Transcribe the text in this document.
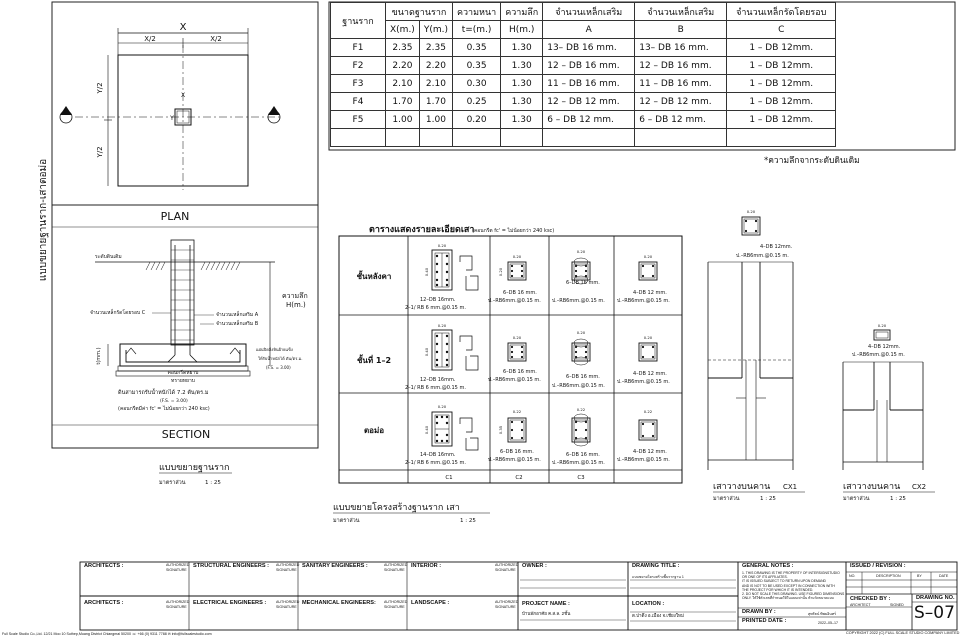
แบบขยายฐานราก-เสาตอม่อ
X
X/2	X/2
Y/2
Y/2
X
Y
PLAN
ระดับดินเดิม
ความลึก
H(m.)
จำนวนเหล็กรัดโดยรอบ C	จำนวนเหล็กเสริม A
จำนวนเหล็กเสริม B
t(mm.)
คอนกรีตหยาบ
ทรายหยาบ
แผ่นปิดลิ่งหินฝ้ายแข็ง
ให้รับน้ำหนักได้ ตัน/ตร.ม.
(F.S. = 3.00)
ดินสามารถรับน้ำหนักได้ 7.2 ตัน/ตร.ม
(F.S. = 3.00)
(คอนกรีตมีค่า fc' = ไม่น้อยกว่า 240 ksc)
SECTION
แบบขยายฐานราก
มาตราส่วน	1 : 25
ตารางแสดงรายละเอียดเสา
(คอนกรีต fc' = ไม่น้อยกว่า 240 ksc)
ชั้นหลังคา
ชั้นที่ 1–2
ตอม่อ
C1	C2	C3
0.20
0.40
12–DB 16mm.
2–1/ RB 6 mm.@0.15 m.
0.20
0.20
6–DB 16 mm.
ป.–RB6mm.@0.15 m.
0.20
6–DB 16 mm.
ป.–RB6mm.@0.15 m.
0.20
4–DB 12 mm.
ป.–RB6mm.@0.15 m.
0.20
0.40
12–DB 16mm.
2–1/ RB 6 mm.@0.15 m.
0.20
6–DB 16 mm.
ป.–RB6mm.@0.15 m.
0.20
6–DB 16 mm.
ป.–RB6mm.@0.15 m.
0.20
4–DB 12 mm.
ป.–RB6mm.@0.15 m.
0.20
0.40
14–DB 16mm.
2–1/ RB 6 mm.@0.15 m.
0.22
0.35
6–DB 16 mm.
ป.–RB6mm.@0.15 m.
0.22
6–DB 16 mm.
ป.–RB6mm.@0.15 m.
0.22
4–DB 12 mm.
ป.–RB6mm.@0.15 m.
แบบขยายโครงสร้างฐานราก เสา
มาตราส่วน	1 : 25
0.20
4–DB 12mm.
ป.–RB6mm.@0.15 m.
เสาวางบนคาน CX1
มาตราส่วน	1 : 25
0.20
4–DB 12mm.
ป.–RB6mm.@0.15 m.
เสาวางบนคาน CX2
มาตราส่วน	1 : 25
ฐานราก	ขนาดฐานราก		ความหนา	ความลึก	จำนวนเหล็กเสริม	จำนวนเหล็กเสริม	จำนวนเหล็กรัดโดยรอบ
	X(m.)	Y(m.)	t=(m.)	H(m.)	A	B	C
F1	2.35	2.35	0.35	1.30	13– DB 16 mm.	13– DB 16 mm.	1 – DB 12mm.
F2	2.20	2.20	0.35	1.30	12 – DB 16 mm.	12 – DB 16 mm.	1 – DB 12mm.
F3	2.10	2.10	0.30	1.30	11 – DB 16 mm.	11 – DB 16 mm.	1 – DB 12mm.
F4	1.70	1.70	0.25	1.30	12 – DB 12 mm.	12 – DB 12 mm.	1 – DB 12mm.
F5	1.00	1.00	0.20	1.30	6 – DB 12 mm.	6 – DB 12 mm.	1 – DB 12mm.

*ความลึกจากระดับดินเดิม
ARCHITECTS :	AUTHORIZED SIGNATURE
STRUCTURAL ENGINEERS : AUTHORIZED SIGNATURE
SANITARY ENGINEERS :	AUTHORIZED SIGNATURE
INTERIOR :	AUTHORIZED SIGNATURE
OWNER :	DRAWING TITLE :
แบบขยายโครงสร้างพื้นรากฐาน 1
GENERAL NOTES :
1. THIS DRAWING IS THE PROPERTY OF INTERSIGNSTUDIO
OR ONE OF ITS AFFILIATES.
IT IS ISSUED SUBJECT TO RETURN UPON DEMAND
AND IS NOT TO BE USED EXCEPT IN CONNECTION WITH
THE PROJECT FOR WHICH IT IS INTENDED.
2. DO NOT SCALE THIS DRAWING. USE FIGURED DIMENSIONS
ONLY. ให้ใช้ตัวเลขที่กำหนดให้ในแบบเท่านั้น ห้ามวัดขนาดแบบ
ISSUED / REVISION :
NO.	DESCRIPTION	BY	DATE
ARCHITECTS :	AUTHORIZED SIGNATURE
ELECTRICAL ENGINEERS :	AUTHORIZED SIGNATURE
MECHANICAL ENGINEERS: AUTHORIZED SIGNATURE
LANDSCAPE :	AUTHORIZED SIGNATURE PROJECT NAME :
บ้านพักอาศัย ค.ส.ล. 2ชั้น
LOCATION :
ต.ป่าตึง อ.เมือง จ.เชียงใหม่
DRAWN BY :	สุพรัตน์ ทิพยอินทร์
PRINTED DATE :	2022–05–17
CHECKED BY :
ARCHITECT	SIGNED
DRAWING NO.
S–07
COPYRIGHT 2022 (C) FULL SCALE STUDIO COMPANY LIMITED
Full Scale Studio Co.,Ltd. 12/21 Moo 10 Suthep,Muang District Chiangmai 50200 ☏ +66 (0) 9311 7788 ✉ info@fullscalestudio.com
